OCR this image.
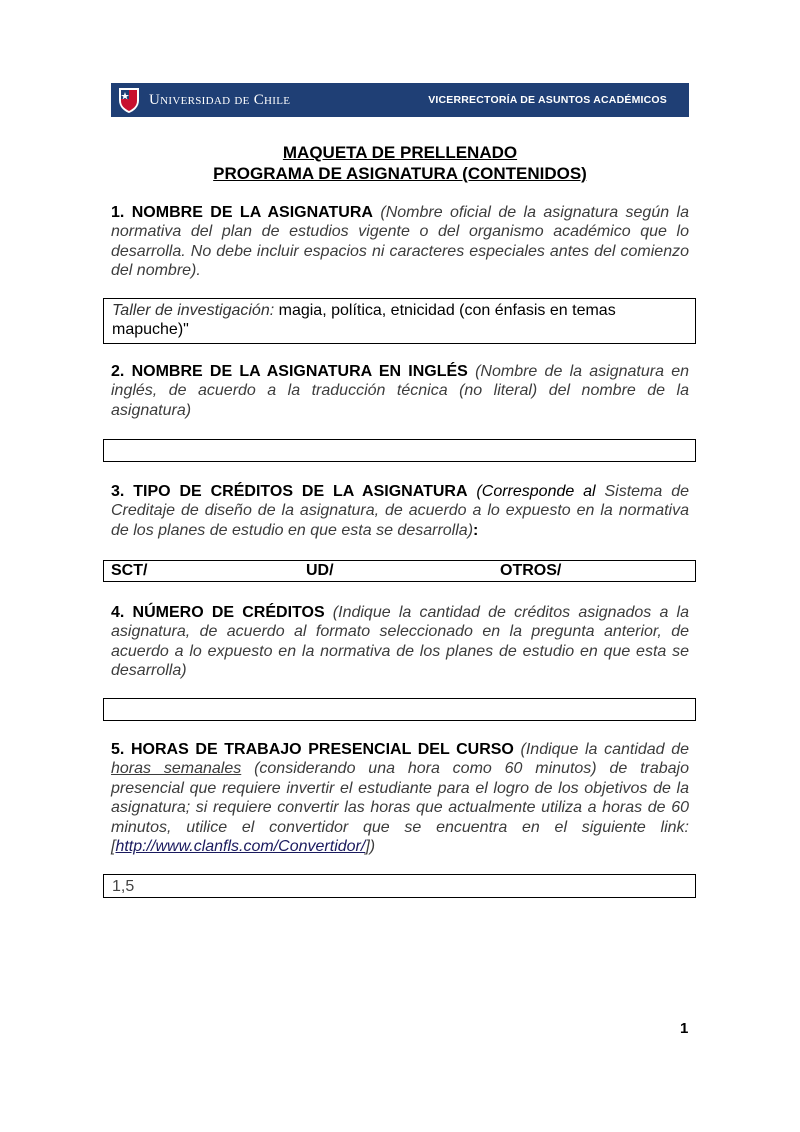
Universidad de Chile	VICERRECTORÍA DE ASUNTOS ACADÉMICOS
MAQUETA DE PRELLENADO
PROGRAMA DE ASIGNATURA (CONTENIDOS)
1. NOMBRE DE LA ASIGNATURA (Nombre oficial de la asignatura según la normativa del plan de estudios vigente o del organismo académico que lo desarrolla. No debe incluir espacios ni caracteres especiales antes del comienzo del nombre).
Taller de investigación: magia, política, etnicidad (con énfasis en temas mapuche)"
2. NOMBRE DE LA ASIGNATURA EN INGLÉS (Nombre de la asignatura en inglés, de acuerdo a la traducción técnica (no literal) del nombre de la asignatura)
3. TIPO DE CRÉDITOS DE LA ASIGNATURA (Corresponde al Sistema de Creditaje de diseño de la asignatura, de acuerdo a lo expuesto en la normativa de los planes de estudio en que esta se desarrolla):
SCT/	UD/	OTROS/
4. NÚMERO DE CRÉDITOS (Indique la cantidad de créditos asignados a la asignatura, de acuerdo al formato seleccionado en la pregunta anterior, de acuerdo a lo expuesto en la normativa de los planes de estudio en que esta se desarrolla)
5. HORAS DE TRABAJO PRESENCIAL DEL CURSO (Indique la cantidad de horas semanales (considerando una hora como 60 minutos) de trabajo presencial que requiere invertir el estudiante para el logro de los objetivos de la asignatura; si requiere convertir las horas que actualmente utiliza a horas de 60 minutos, utilice el convertidor que se encuentra en el siguiente link: [http://www.clanfls.com/Convertidor/])
1,5
1
